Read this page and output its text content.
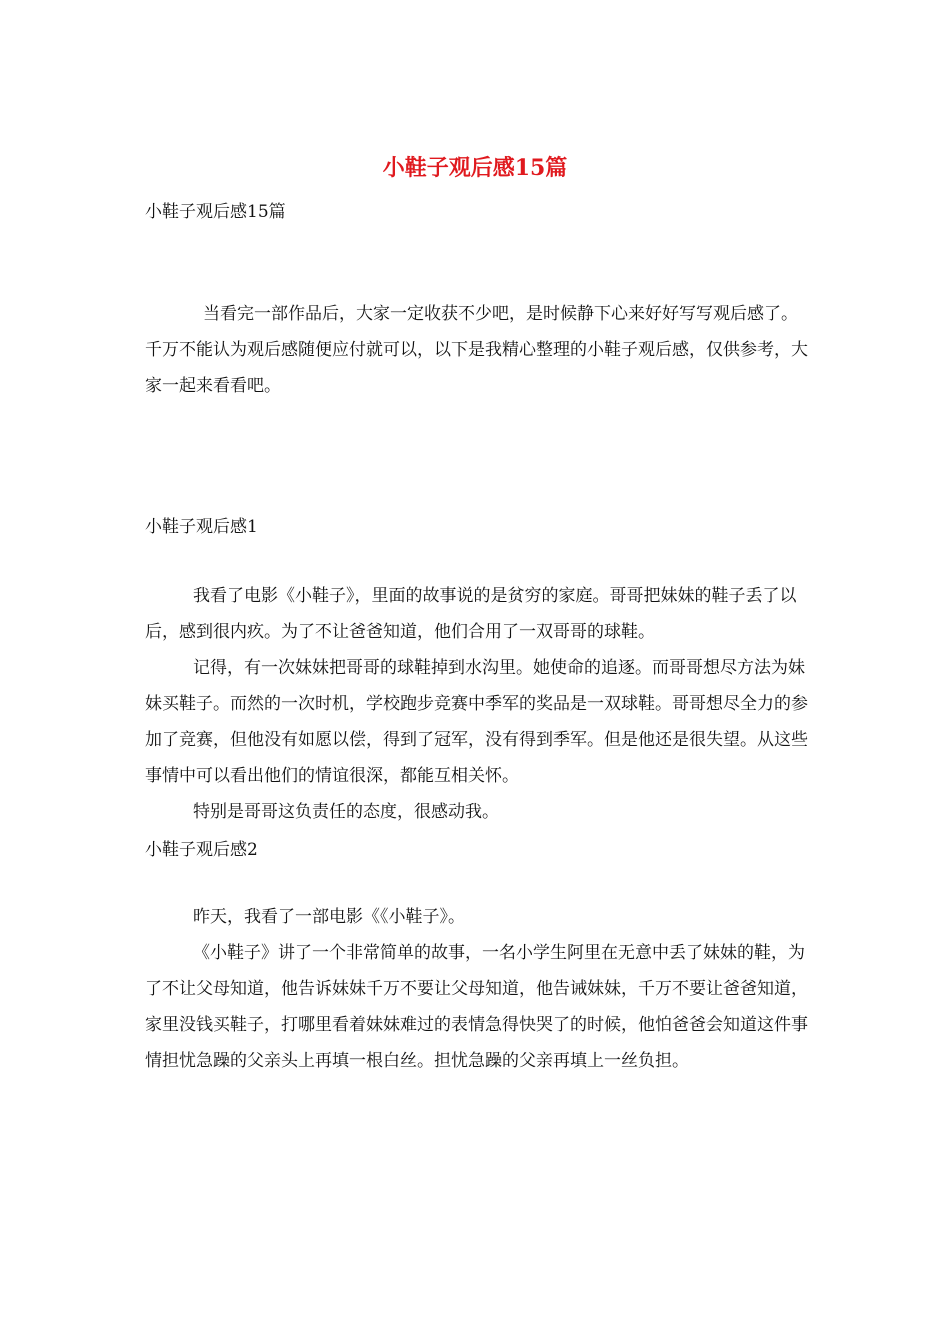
小鞋子观后感15篇
小鞋子观后感15篇

当看完一部作品后，大家一定收获不少吧，是时候静下心来好好写写观后感了。千万不能认为观后感随便应付就可以，以下是我精心整理的小鞋子观后感，仅供参考，大家一起来看看吧。

小鞋子观后感1

我看了电影《小鞋子》，里面的故事说的是贫穷的家庭。哥哥把妹妹的鞋子丢了以后，感到很内疚。为了不让爸爸知道，他们合用了一双哥哥的球鞋。

记得，有一次妹妹把哥哥的球鞋掉到水沟里。她使命的追逐。而哥哥想尽方法为妹妹买鞋子。而然的一次时机，学校跑步竞赛中季军的奖品是一双球鞋。哥哥想尽全力的参加了竞赛，但他没有如愿以偿，得到了冠军，没有得到季军。但是他还是很失望。从这些事情中可以看出他们的情谊很深，都能互相关怀。

特别是哥哥这负责任的态度，很感动我。

小鞋子观后感2

昨天，我看了一部电影《《小鞋子》。

《小鞋子》讲了一个非常简单的故事，一名小学生阿里在无意中丢了妹妹的鞋，为了不让父母知道，他告诉妹妹千万不要让父母知道，他告诫妹妹，千万不要让爸爸知道，家里没钱买鞋子，打哪里看着妹妹难过的表情急得快哭了的时候，他怕爸爸会知道这件事情担忧急躁的父亲头上再填一根白丝。担忧急躁的父亲再填上一丝负担。
